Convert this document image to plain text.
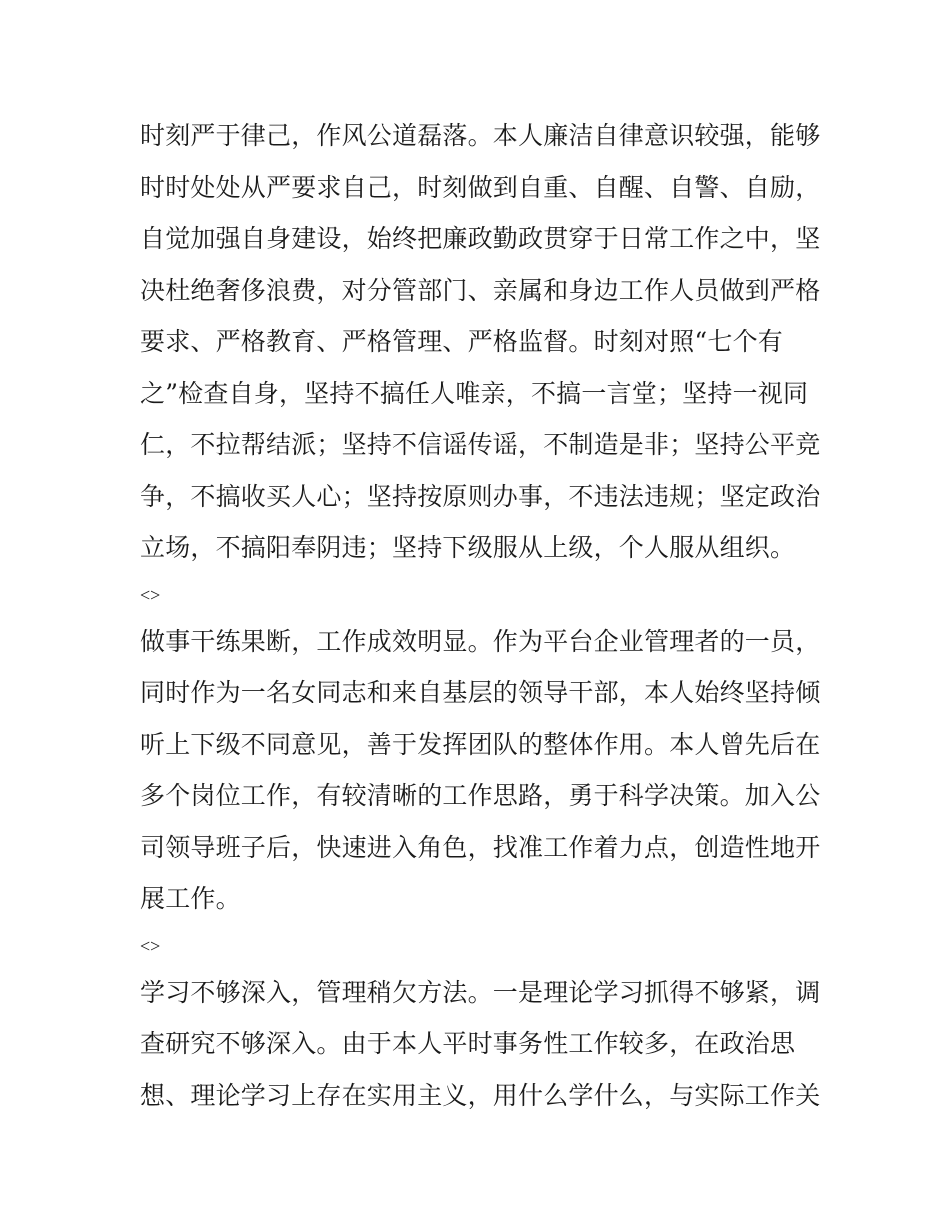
时刻严于律己，作风公道磊落。本人廉洁自律意识较强，能够
时时处处从严要求自己，时刻做到自重、自醒、自警、自励，
自觉加强自身建设，始终把廉政勤政贯穿于日常工作之中，坚
决杜绝奢侈浪费，对分管部门、亲属和身边工作人员做到严格
要求、严格教育、严格管理、严格监督。时刻对照“七个有
之”检查自身，坚持不搞任人唯亲，不搞一言堂；坚持一视同
仁，不拉帮结派；坚持不信谣传谣，不制造是非；坚持公平竞
争，不搞收买人心；坚持按原则办事，不违法违规；坚定政治
立场，不搞阳奉阴违；坚持下级服从上级，个人服从组织。
<>
做事干练果断，工作成效明显。作为平台企业管理者的一员，
同时作为一名女同志和来自基层的领导干部，本人始终坚持倾
听上下级不同意见，善于发挥团队的整体作用。本人曾先后在
多个岗位工作，有较清晰的工作思路，勇于科学决策。加入公
司领导班子后，快速进入角色，找准工作着力点，创造性地开
展工作。
<>
学习不够深入，管理稍欠方法。一是理论学习抓得不够紧，调
查研究不够深入。由于本人平时事务性工作较多，在政治思
想、理论学习上存在实用主义，用什么学什么，与实际工作关
